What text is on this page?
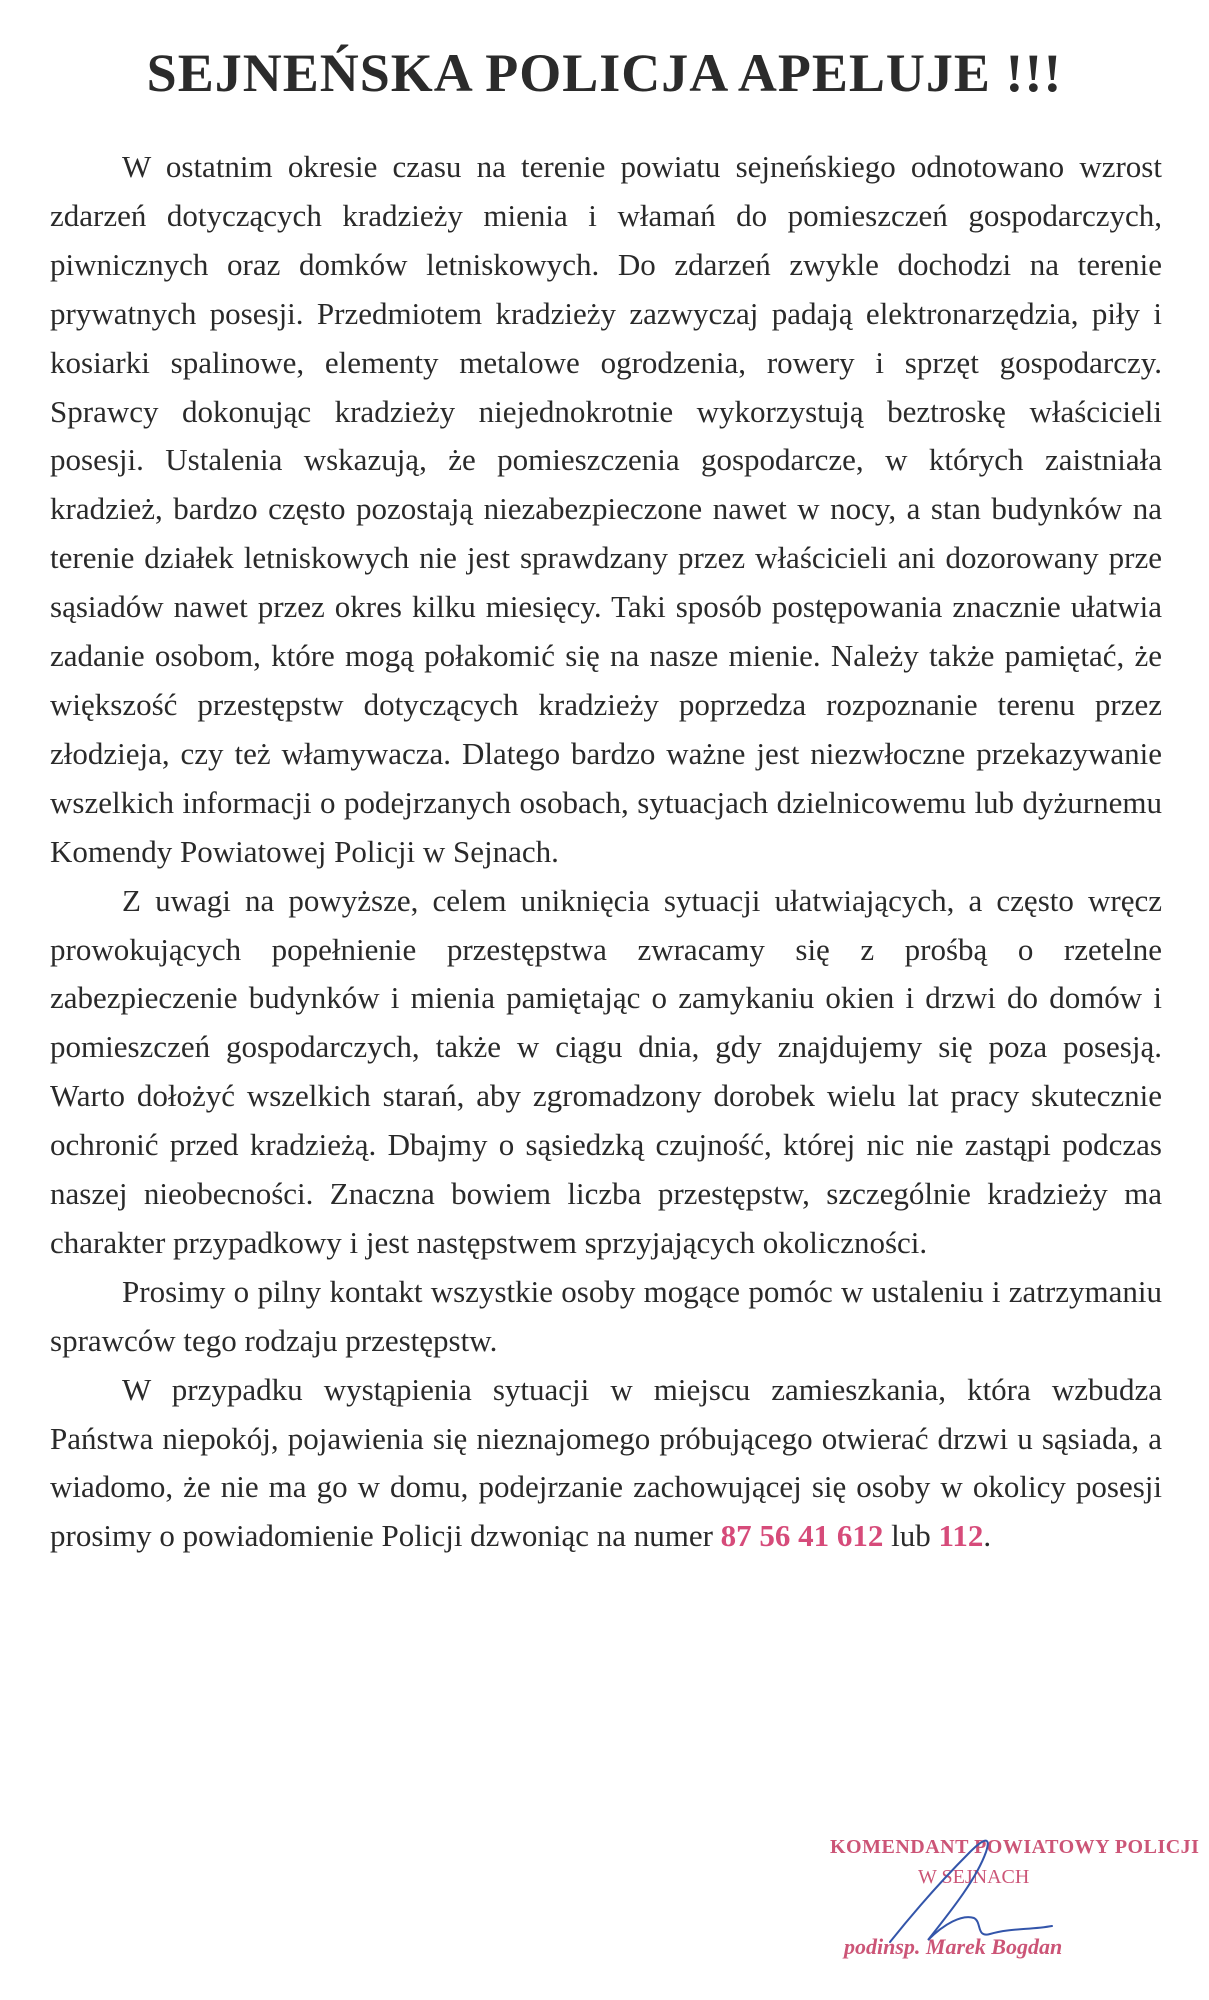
SEJNEŃSKA POLICJA APELUJE !!!

W ostatnim okresie czasu na terenie powiatu sejneńskiego odnotowano wzrost zdarzeń dotyczących kradzieży mienia i włamań do pomieszczeń gospodarczych, piwnicznych oraz domków letniskowych. Do zdarzeń zwykle dochodzi na terenie prywatnych posesji. Przedmiotem kradzieży zazwyczaj padają elektronarzędzia, piły i kosiarki spalinowe, elementy metalowe ogrodzenia, rowery i sprzęt gospodarczy. Sprawcy dokonując kradzieży niejednokrotnie wykorzystują beztroskę właścicieli posesji. Ustalenia wskazują, że pomieszczenia gospodarcze, w których zaistniała kradzież, bardzo często pozostają niezabezpieczone nawet w nocy, a stan budynków na terenie działek letniskowych nie jest sprawdzany przez właścicieli ani dozorowany prze sąsiadów nawet przez okres kilku miesięcy. Taki sposób postępowania znacznie ułatwia zadanie osobom, które mogą połakomić się na nasze mienie. Należy także pamiętać, że większość przestępstw dotyczących kradzieży poprzedza rozpoznanie terenu przez złodzieja, czy też włamywacza. Dlatego bardzo ważne jest niezwłoczne przekazywanie wszelkich informacji o podejrzanych osobach, sytuacjach dzielnicowemu lub dyżurnemu Komendy Powiatowej Policji w Sejnach.

Z uwagi na powyższe, celem uniknięcia sytuacji ułatwiających, a często wręcz prowokujących popełnienie przestępstwa zwracamy się z prośbą o rzetelne zabezpieczenie budynków i mienia pamiętając o zamykaniu okien i drzwi do domów i pomieszczeń gospodarczych, także w ciągu dnia, gdy znajdujemy się poza posesją. Warto dołożyć wszelkich starań, aby zgromadzony dorobek wielu lat pracy skutecznie ochronić przed kradzieżą. Dbajmy o sąsiedzką czujność, której nic nie zastąpi podczas naszej nieobecności. Znaczna bowiem liczba przestępstw, szczególnie kradzieży ma charakter przypadkowy i jest następstwem sprzyjających okoliczności.

Prosimy o pilny kontakt wszystkie osoby mogące pomóc w ustaleniu i zatrzymaniu sprawców tego rodzaju przestępstw.

W przypadku wystąpienia sytuacji w miejscu zamieszkania, która wzbudza Państwa niepokój, pojawienia się nieznajomego próbującego otwierać drzwi u sąsiada, a wiadomo, że nie ma go w domu, podejrzanie zachowującej się osoby w okolicy posesji prosimy o powiadomienie Policji dzwoniąc na numer 87 56 41 612 lub 112.

KOMENDANT POWIATOWY POLICJI
W SEJNACH
podinsp. Marek Bogdan
